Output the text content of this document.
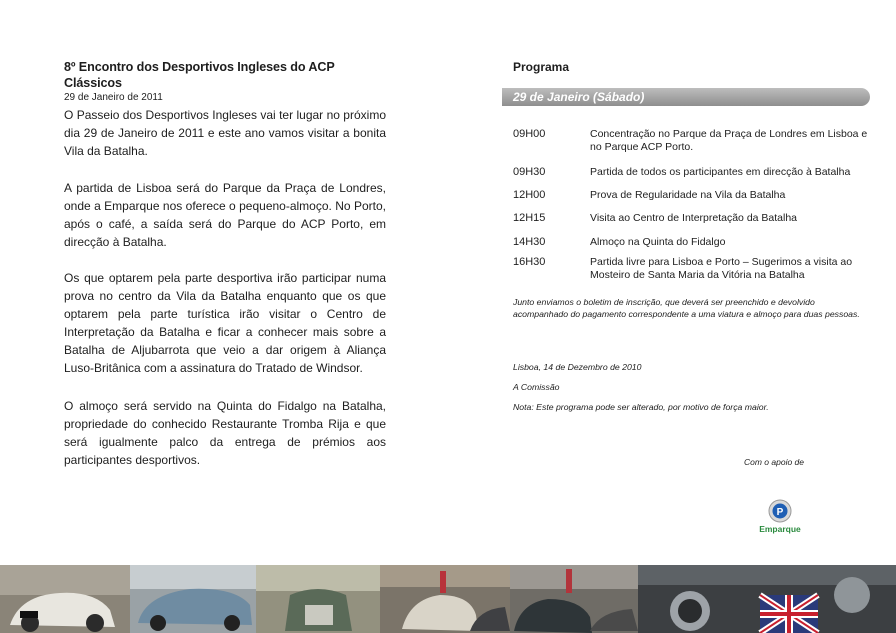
8º Encontro dos Desportivos Ingleses do ACP Clássicos

29 de Janeiro de 2011

O Passeio dos Desportivos Ingleses vai ter lugar no próximo dia 29 de Janeiro de 2011 e este ano vamos visitar a bonita Vila da Batalha.
A partida de Lisboa será do Parque da Praça de Londres, onde a Emparque nos oferece o pequeno-almoço. No Porto, após o café, a saída será do Parque do ACP Porto, em direcção à Batalha.
Os que optarem pela parte desportiva irão participar numa prova no centro da Vila da Batalha enquanto que os que optarem pela parte turística irão visitar o Centro de Interpretação da Batalha e ficar a conhecer mais sobre a Batalha de Aljubarrota que veio a dar origem à Aliança Luso-Britânica com a assinatura do Tratado de Windsor.
O almoço será servido na Quinta do Fidalgo na Batalha, propriedade do conhecido Restaurante Tromba Rija e que será igualmente palco da entrega de prémios aos participantes desportivos.

Programa

29 de Janeiro (Sábado)
09H00	Concentração no Parque da Praça de Londres em Lisboa e no Parque ACP Porto.
09H30	Partida de todos os participantes em direcção à Batalha
12H00	Prova de Regularidade na Vila da Batalha
12H15	Visita ao Centro de Interpretação da Batalha
14H30	Almoço na Quinta do Fidalgo
16H30	Partida livre para Lisboa e Porto – Sugerimos a visita ao Mosteiro de Santa Maria da Vitória na Batalha
Junto enviamos o boletim de inscrição, que deverá ser preenchido e devolvido acompanhado do pagamento correspondente a uma viatura e almoço para duas pessoas.
Lisboa, 14 de Dezembro de 2010
A Comissão
Nota: Este programa pode ser alterado, por motivo de força maior.
Com o apoio de
P
Emparque
